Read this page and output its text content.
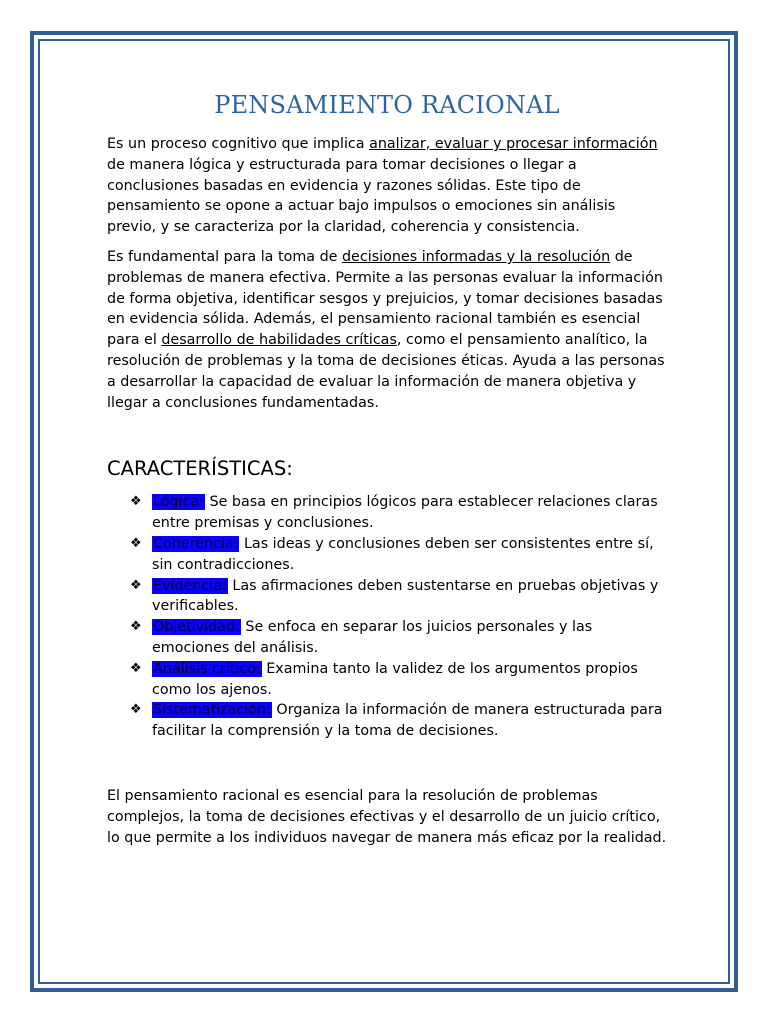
PENSAMIENTO RACIONAL

Es un proceso cognitivo que implica analizar, evaluar y procesar información de manera lógica y estructurada para tomar decisiones o llegar a conclusiones basadas en evidencia y razones sólidas. Este tipo de pensamiento se opone a actuar bajo impulsos o emociones sin análisis previo, y se caracteriza por la claridad, coherencia y consistencia.

Es fundamental para la toma de decisiones informadas y la resolución de problemas de manera efectiva. Permite a las personas evaluar la información de forma objetiva, identificar sesgos y prejuicios, y tomar decisiones basadas en evidencia sólida. Además, el pensamiento racional también es esencial para el desarrollo de habilidades críticas, como el pensamiento analítico, la resolución de problemas y la toma de decisiones éticas. Ayuda a las personas a desarrollar la capacidad de evaluar la información de manera objetiva y llegar a conclusiones fundamentadas.

CARACTERÍSTICAS:
❖ Lógica: Se basa en principios lógicos para establecer relaciones claras entre premisas y conclusiones.
❖ Coherencia: Las ideas y conclusiones deben ser consistentes entre sí, sin contradicciones.
❖ Evidencia: Las afirmaciones deben sustentarse en pruebas objetivas y verificables.
❖ Objetividad: Se enfoca en separar los juicios personales y las emociones del análisis.
❖ Análisis crítico: Examina tanto la validez de los argumentos propios como los ajenos.
❖ Sistematización: Organiza la información de manera estructurada para facilitar la comprensión y la toma de decisiones.

El pensamiento racional es esencial para la resolución de problemas complejos, la toma de decisiones efectivas y el desarrollo de un juicio crítico, lo que permite a los individuos navegar de manera más eficaz por la realidad.
